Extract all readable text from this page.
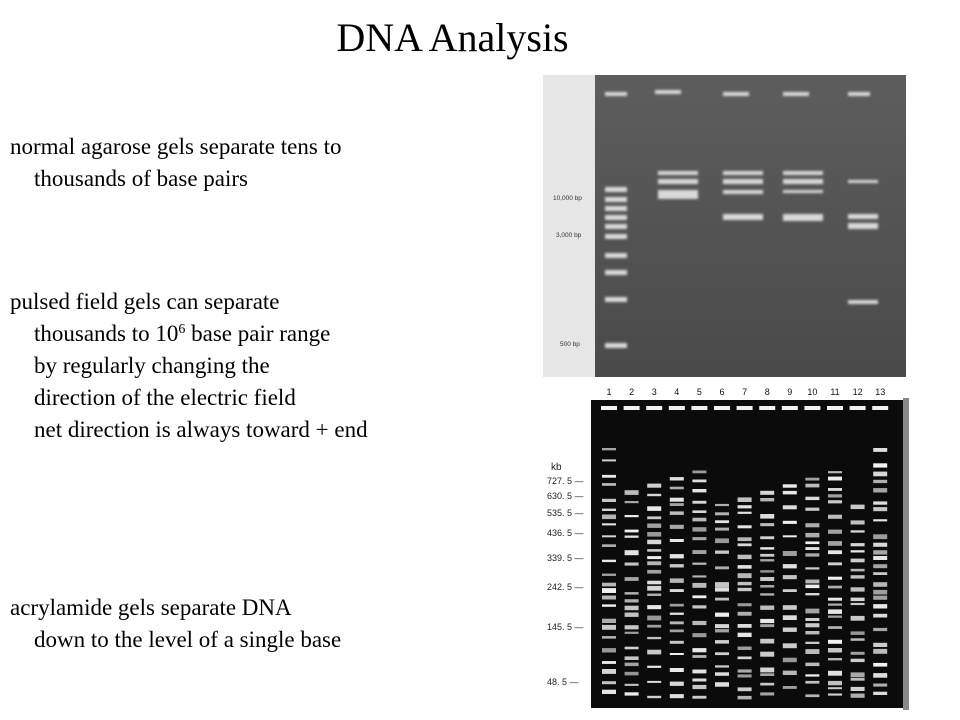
DNA Analysis
normal agarose gels separate tens to
thousands of base pairs
pulsed field gels can separate
thousands to $10^6$ base pair range
by regularly changing the
direction of the electric field
net direction is always toward + end
acrylamide gels separate DNA
down to the level of a single base
10,000 bp
3,000 bp
500 bp
1 2 3 4 5 6 7 8 9 10 11 12 13
kb
727. 5 —
630. 5 —
535. 5 —
436. 5 —
339. 5 —
242. 5 —
145. 5 —
48. 5 —
